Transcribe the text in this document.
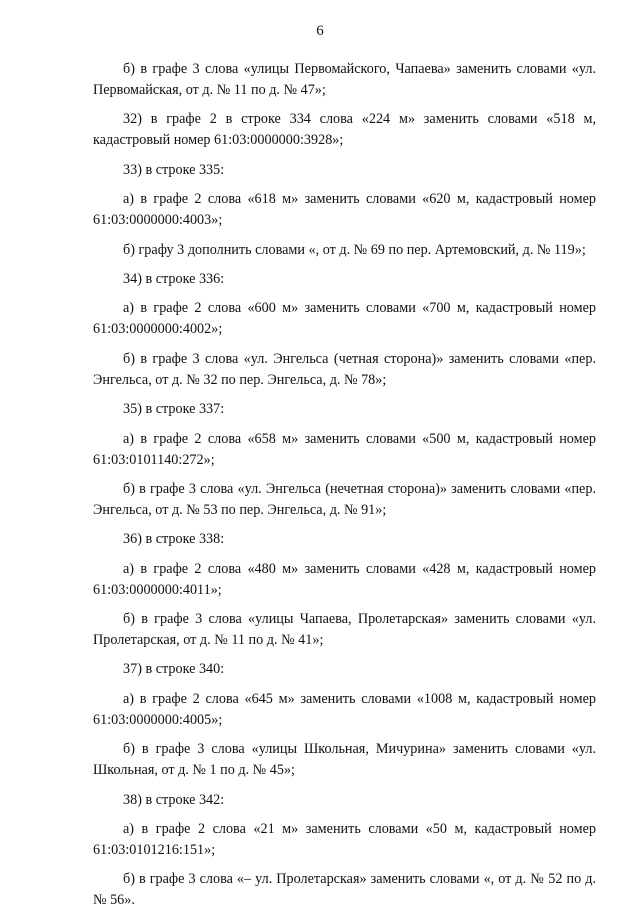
6

б) в графе 3 слова «улицы Первомайского, Чапаева» заменить словами «ул. Первомайская, от д. № 11 по д. № 47»;

32) в графе 2 в строке 334 слова «224 м» заменить словами «518 м, кадастровый номер 61:03:0000000:3928»;

33) в строке 335:

а) в графе 2 слова «618 м» заменить словами «620 м, кадастровый номер 61:03:0000000:4003»;

б) графу 3 дополнить словами «, от д. № 69 по пер. Артемовский, д. № 119»;

34) в строке 336:

а) в графе 2 слова «600 м» заменить словами «700 м, кадастровый номер 61:03:0000000:4002»;

б) в графе 3 слова «ул. Энгельса (четная сторона)» заменить словами «пер. Энгельса, от д. № 32 по пер. Энгельса, д. № 78»;

35) в строке 337:

а) в графе 2 слова «658 м» заменить словами «500 м, кадастровый номер 61:03:0101140:272»;

б) в графе 3 слова «ул. Энгельса (нечетная сторона)» заменить словами «пер. Энгельса, от д. № 53 по пер. Энгельса, д. № 91»;

36) в строке 338:

а) в графе 2 слова «480 м» заменить словами «428 м, кадастровый номер 61:03:0000000:4011»;

б) в графе 3 слова «улицы Чапаева, Пролетарская» заменить словами «ул. Пролетарская, от д. № 11 по д. № 41»;

37) в строке 340:

а) в графе 2 слова «645 м» заменить словами «1008 м, кадастровый номер 61:03:0000000:4005»;

б) в графе 3 слова «улицы Школьная, Мичурина» заменить словами «ул. Школьная, от д. № 1 по д. № 45»;

38) в строке 342:

а) в графе 2 слова «21 м» заменить словами «50 м, кадастровый номер 61:03:0101216:151»;

б) в графе 3 слова «– ул. Пролетарская» заменить словами «, от д. № 52 по д. № 56».
